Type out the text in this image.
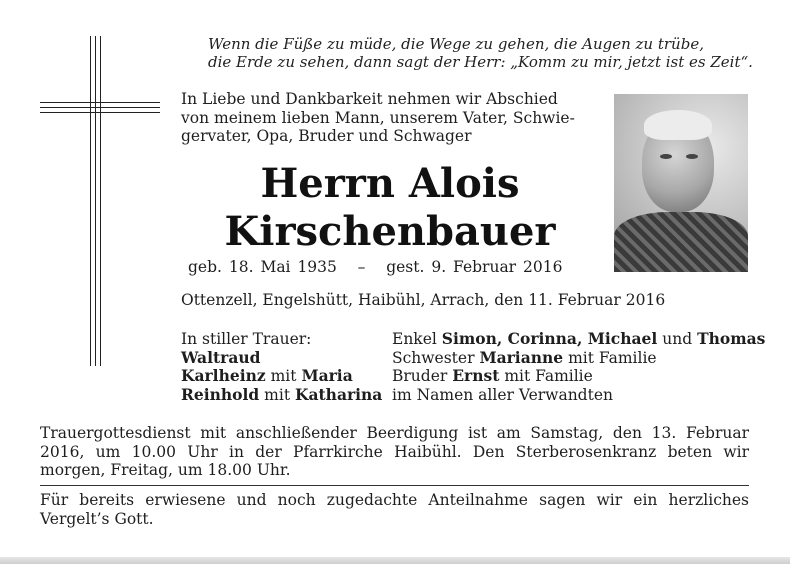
Wenn die Füße zu müde, die Wege zu gehen, die Augen zu trübe,
die Erde zu sehen, dann sagt der Herr: „Komm zu mir, jetzt ist es Zeit“.
In Liebe und Dankbarkeit nehmen wir Abschied
von meinem lieben Mann, unserem Vater, Schwie-
gervater, Opa, Bruder und Schwager
Herrn Alois
Kirschenbauer
geb. 18. Mai 1935 – gest. 9. Februar 2016
Ottenzell, Engelshütt, Haibühl, Arrach, den 11. Februar 2016
In stiller Trauer:
Waltraud
Karlheinz mit Maria
Reinhold mit Katharina
Enkel Simon, Corinna, Michael und Thomas
Schwester Marianne mit Familie
Bruder Ernst mit Familie
im Namen aller Verwandten
Trauergottesdienst mit anschließender Beerdigung ist am Samstag, den 13. Februar 2016, um 10.00 Uhr in der Pfarrkirche Haibühl. Den Sterberosenkranz beten wir morgen, Freitag, um 18.00 Uhr.
Für bereits erwiesene und noch zugedachte Anteilnahme sagen wir ein herzliches Vergelt’s Gott.
